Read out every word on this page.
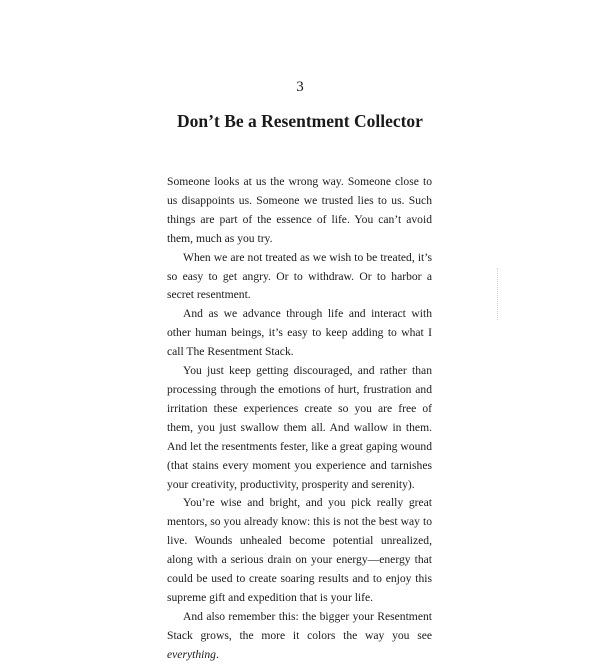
3
Don’t Be a Resentment Collector

Someone looks at us the wrong way. Someone close to us disappoints us. Someone we trusted lies to us. Such things are part of the essence of life. You can’t avoid them, much as you try.

When we are not treated as we wish to be treated, it’s so easy to get angry. Or to withdraw. Or to harbor a secret resentment.

And as we advance through life and interact with other human beings, it’s easy to keep adding to what I call The Resentment Stack.

You just keep getting discouraged, and rather than processing through the emotions of hurt, frustration and irritation these experiences create so you are free of them, you just swallow them all. And wallow in them. And let the resentments fester, like a great gaping wound (that stains every moment you experience and tarnishes your creativity, productivity, prosperity and serenity).

You’re wise and bright, and you pick really great mentors, so you already know: this is not the best way to live. Wounds unhealed become potential unrealized, along with a serious drain on your energy—energy that could be used to create soaring results and to enjoy this supreme gift and expedition that is your life.

And also remember this: the bigger your Resentment Stack grows, the more it colors the way you see everything.
